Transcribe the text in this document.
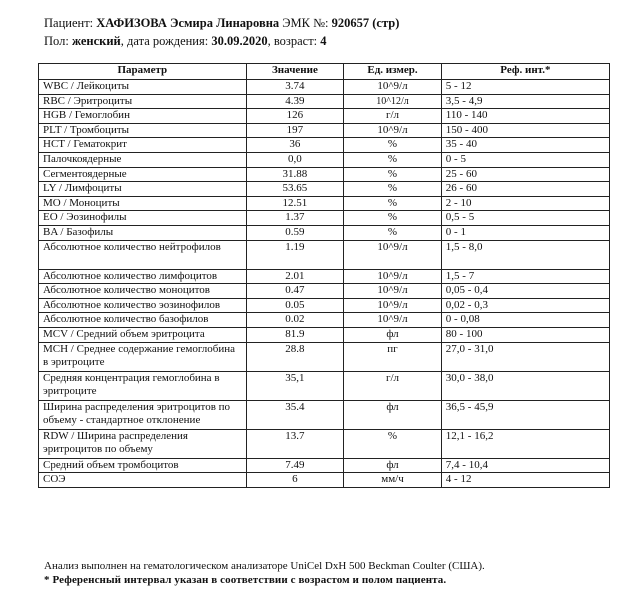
Пациент: ХАФИЗОВА Эсмира Линаровна ЭМК №: 920657 (стр)
Пол: женский, дата рождения: 30.09.2020, возраст: 4
Параметр	Значение	Ед. измер.	Реф. инт.*
WBC / Лейкоциты	3.74	10^9/л	5 - 12
RBC / Эритроциты	4.39	10^12/л	3,5 - 4,9
HGB / Гемоглобин	126	г/л	110 - 140
PLT / Тромбоциты	197	10^9/л	150 - 400
HCT / Гематокрит	36	%	35 - 40
Палочкоядерные	0,0	%	0 - 5
Сегментоядерные	31.88	%	25 - 60
LY / Лимфоциты	53.65	%	26 - 60
MO / Моноциты	12.51	%	2 - 10
EO / Эозинофилы	1.37	%	0,5 - 5
BA / Базофилы	0.59	%	0 - 1
Абсолютное количество нейтрофилов	1.19	10^9/л	1,5 - 8,0
Абсолютное количество лимфоцитов	2.01	10^9/л	1,5 - 7
Абсолютное количество моноцитов	0.47	10^9/л	0,05 - 0,4
Абсолютное количество эозинофилов	0.05	10^9/л	0,02 - 0,3
Абсолютное количество базофилов	0.02	10^9/л	0 - 0,08
MCV / Средний объем эритроцита	81.9	фл	80 - 100
MCH / Среднее содержание гемоглобина в эритроците	28.8	пг	27,0 - 31,0
Средняя концентрация гемоглобина в эритроците	35,1	г/л	30,0 - 38,0
Ширина распределения эритроцитов по объему - стандартное отклонение	35.4	фл	36,5 - 45,9
RDW / Ширина распределения эритроцитов по объему	13.7	%	12,1 - 16,2
Средний объем тромбоцитов	7.49	фл	7,4 - 10,4
СОЭ	6	мм/ч	4 - 12
Анализ выполнен на гематологическом анализаторе UniCel DxH 500 Beckman Coulter (США).
* Референсный интервал указан в соответствии с возрастом и полом пациента.
